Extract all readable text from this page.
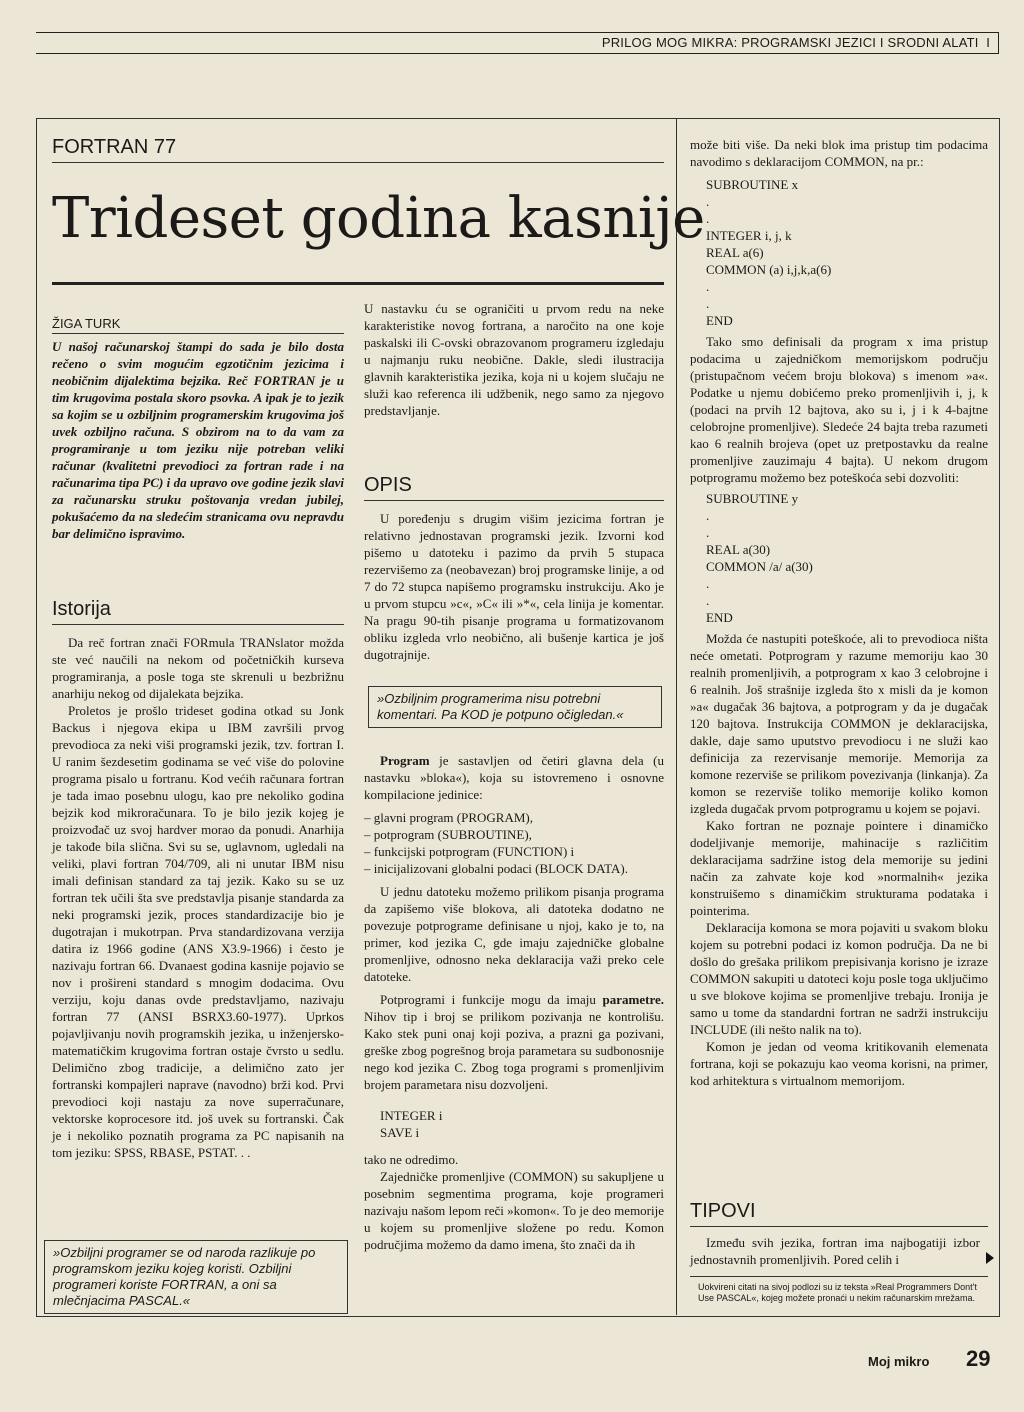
PRILOG MOG MIKRA: PROGRAMSKI JEZICI I SRODNI ALATI I
FORTRAN 77
Trideset godina kasnije
ŽIGA TURK
U našoj računarskoj štampi do sada je bilo dosta rečeno o svim mogućim egzotičnim jezicima i neobičnim dijalektima bejzika. Reč FORTRAN je u tim krugovima postala skoro psovka. A ipak je to jezik sa kojim se u ozbiljnim programerskim krugovima još uvek ozbiljno računa. S obzirom na to da vam za programiranje u tom jeziku nije potreban veliki računar (kvalitetni prevodioci za fortran rade i na računarima tipa PC) i da upravo ove godine jezik slavi za računarsku struku poštovanja vredan jubilej, pokušaćemo da na sledećim stranicama ovu nepravdu bar delimično ispravimo.
Istorija

Da reč fortran znači FORmula TRANslator možda ste već naučili na nekom od početničkih kurseva programiranja, a posle toga ste skrenuli u bezbrižnu anarhiju nekog od dijalekata bejzika.

Proletos je prošlo trideset godina otkad su Jonk Backus i njegova ekipa u IBM završili prvog prevodioca za neki viši programski jezik, tzv. fortran I. U ranim šezdesetim godinama se već više do polovine programa pisalo u fortranu. Kod većih računara fortran je tada imao posebnu ulogu, kao pre nekoliko godina bejzik kod mikroračunara. To je bilo jezik kojeg je proizvođač uz svoj hardver morao da ponudi. Anarhija je takođe bila slična. Svi su se, uglavnom, ugledali na veliki, plavi fortran 704/709, ali ni unutar IBM nisu imali definisan standard za taj jezik. Kako su se uz fortran tek učili šta sve predstavlja pisanje standarda za neki programski jezik, proces standardizacije bio je dugotrajan i mukotrpan. Prva standardizovana verzija datira iz 1966 godine (ANS X3.9-1966) i često je nazivaju fortran 66. Dvanaest godina kasnije pojavio se nov i prošireni standard s mnogim dodacima. Ovu verziju, koju danas ovde predstavljamo, nazivaju fortran 77 (ANSI BSRX3.60-1977). Uprkos pojavljivanju novih programskih jezika, u inženjersko-matematičkim krugovima fortran ostaje čvrsto u sedlu. Delimično zbog tradicije, a delimično zato jer fortranski kompajleri naprave (navodno) brži kod. Prvi prevodioci koji nastaju za nove superračunare, vektorske koprocesore itd. još uvek su fortranski. Čak je i nekoliko poznatih programa za PC napisanih na tom jeziku: SPSS, RBASE, PSTAT. . .

»Ozbiljni programer se od naroda razlikuje po programskom jeziku kojeg koristi. Ozbiljni programeri koriste FORTRAN, a oni sa mlečnjacima PASCAL.«

U nastavku ću se ograničiti u prvom redu na neke karakteristike novog fortrana, a naročito na one koje paskalski ili C-ovski obrazovanom programeru izgledaju u najmanju ruku neobične. Dakle, sledi ilustracija glavnih karakteristika jezika, koja ni u kojem slučaju ne služi kao referenca ili udžbenik, nego samo za njegovo predstavljanje.

OPIS

U poređenju s drugim višim jezicima fortran je relativno jednostavan programski jezik. Izvorni kod pišemo u datoteku i pazimo da prvih 5 stupaca rezervišemo za (neobavezan) broj programske linije, a od 7 do 72 stupca napišemo programsku instrukciju. Ako je u prvom stupcu »c«, »C« ili »*«, cela linija je komentar. Na pragu 90-tih pisanje programa u formatizovanom obliku izgleda vrlo neobično, ali bušenje kartica je još dugotrajnije.

»Ozbiljnim programerima nisu potrebni komentari. Pa KOD je potpuno očigledan.«

Program je sastavljen od četiri glavna dela (u nastavku »bloka«), koja su istovremeno i osnovne kompilacione jedinice:

– glavni program (PROGRAM),
– potprogram (SUBROUTINE),
– funkcijski potprogram (FUNCTION) i
– inicijalizovani globalni podaci (BLOCK DATA).

U jednu datoteku možemo prilikom pisanja programa da zapišemo više blokova, ali datoteka dodatno ne povezuje potprograme definisane u njoj, kako je to, na primer, kod jezika C, gde imaju zajedničke globalne promenljive, odnosno neka deklaracija važi preko cele datoteke.

Potprogrami i funkcije mogu da imaju parametre. Nihov tip i broj se prilikom pozivanja ne kontrolišu. Kako stek puni onaj koji poziva, a prazni ga pozivani, greške zbog pogrešnog broja parametara su sudbonosnije nego kod jezika C. Zbog toga programi s promenljivim brojem parametara nisu dozvoljeni.

INTEGER i
SAVE i

tako ne odredimo.

Zajedničke promenljive (COMMON) su sakupljene u posebnim segmentima programa, koje programeri nazivaju našom lepom reči »komon«. To je deo memorije u kojem su promenljive složene po redu. Komon područjima možemo da damo imena, što znači da ih

može biti više. Da neki blok ima pristup tim podacima navodimo s deklaracijom COMMON, na pr.:

SUBROUTINE x
.
.
INTEGER i, j, k
REAL a(6)
COMMON (a) i,j,k,a(6)
.
.
END

Tako smo definisali da program x ima pristup podacima u zajedničkom memorijskom području (pristupačnom većem broju blokova) s imenom »a«. Podatke u njemu dobićemo preko promenljivih i, j, k (podaci na prvih 12 bajtova, ako su i, j i k 4-bajtne celobrojne promenljive). Sledeće 24 bajta treba razumeti kao 6 realnih brojeva (opet uz pretpostavku da realne promenljive zauzimaju 4 bajta). U nekom drugom potprogramu možemo bez poteškoća sebi dozvoliti:

SUBROUTINE y
.
.
REAL a(30)
COMMON /a/ a(30)
.
.
END

Možda će nastupiti poteškoće, ali to prevodioca ništa neće ometati. Potprogram y razume memoriju kao 30 realnih promenljivih, a potprogram x kao 3 celobrojne i 6 realnih. Još strašnije izgleda što x misli da je komon »a« dugačak 36 bajtova, a potprogram y da je dugačak 120 bajtova. Instrukcija COMMON je deklaracijska, dakle, daje samo uputstvo prevodiocu i ne služi kao definicija za rezervisanje memorije. Memorija za komone rezerviše se prilikom povezivanja (linkanja). Za komon se rezerviše toliko memorije koliko komon izgleda dugačak prvom potprogramu u kojem se pojavi.

Kako fortran ne poznaje pointere i dinamičko dodeljivanje memorije, mahinacije s različitim deklaracijama sadržine istog dela memorije su jedini način za zahvate koje kod »normalnih« jezika konstruišemo s dinamičkim strukturama podataka i pointerima.

Deklaracija komona se mora pojaviti u svakom bloku kojem su potrebni podaci iz komon područja. Da ne bi došlo do grešaka prilikom prepisivanja korisno je izraze COMMON sakupiti u datoteci koju posle toga uključimo u sve blokove kojima se promenljive trebaju. Ironija je samo u tome da standardni fortran ne sadrži instrukciju INCLUDE (ili nešto nalik na to).

Komon je jedan od veoma kritikovanih elemenata fortrana, koji se pokazuju kao veoma korisni, na primer, kod arhitektura s virtualnom memorijom.

TIPOVI

Između svih jezika, fortran ima najbogatiji izbor jednostavnih promenljivih. Pored celih i

Uokvireni citati na sivoj podlozi su iz teksta »Real Programmers Dont't Use PASCAL«, kojeg možete pronaći u nekim računarskim mrežama.
Moj mikro 29
